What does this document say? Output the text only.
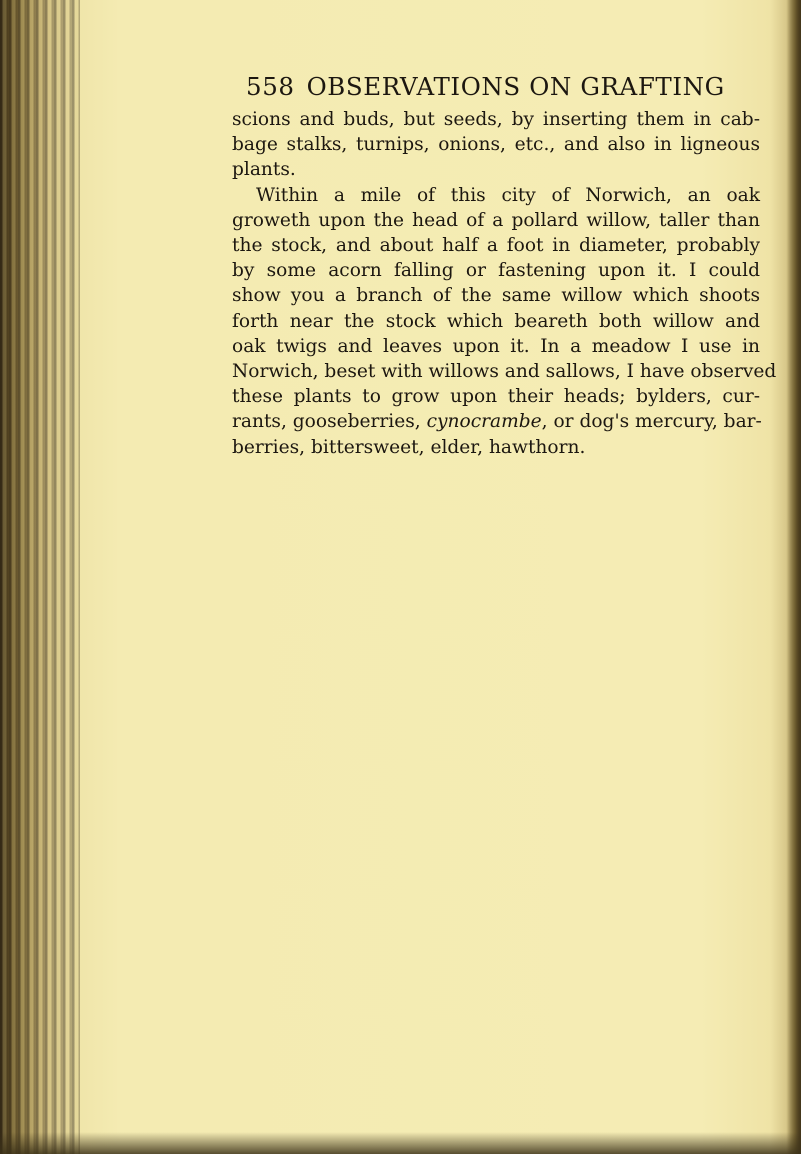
558 OBSERVATIONS ON GRAFTING

scions and buds, but seeds, by inserting them in cab-
bage stalks, turnips, onions, etc., and also in ligneous
plants.

Within a mile of this city of Norwich, an oak
groweth upon the head of a pollard willow, taller than
the stock, and about half a foot in diameter, probably
by some acorn falling or fastening upon it. I could
show you a branch of the same willow which shoots
forth near the stock which beareth both willow and
oak twigs and leaves upon it. In a meadow I use in
Norwich, beset with willows and sallows, I have observed
these plants to grow upon their heads; bylders, cur-
rants, gooseberries, cynocrambe, or dog's mercury, bar-
berries, bittersweet, elder, hawthorn.
